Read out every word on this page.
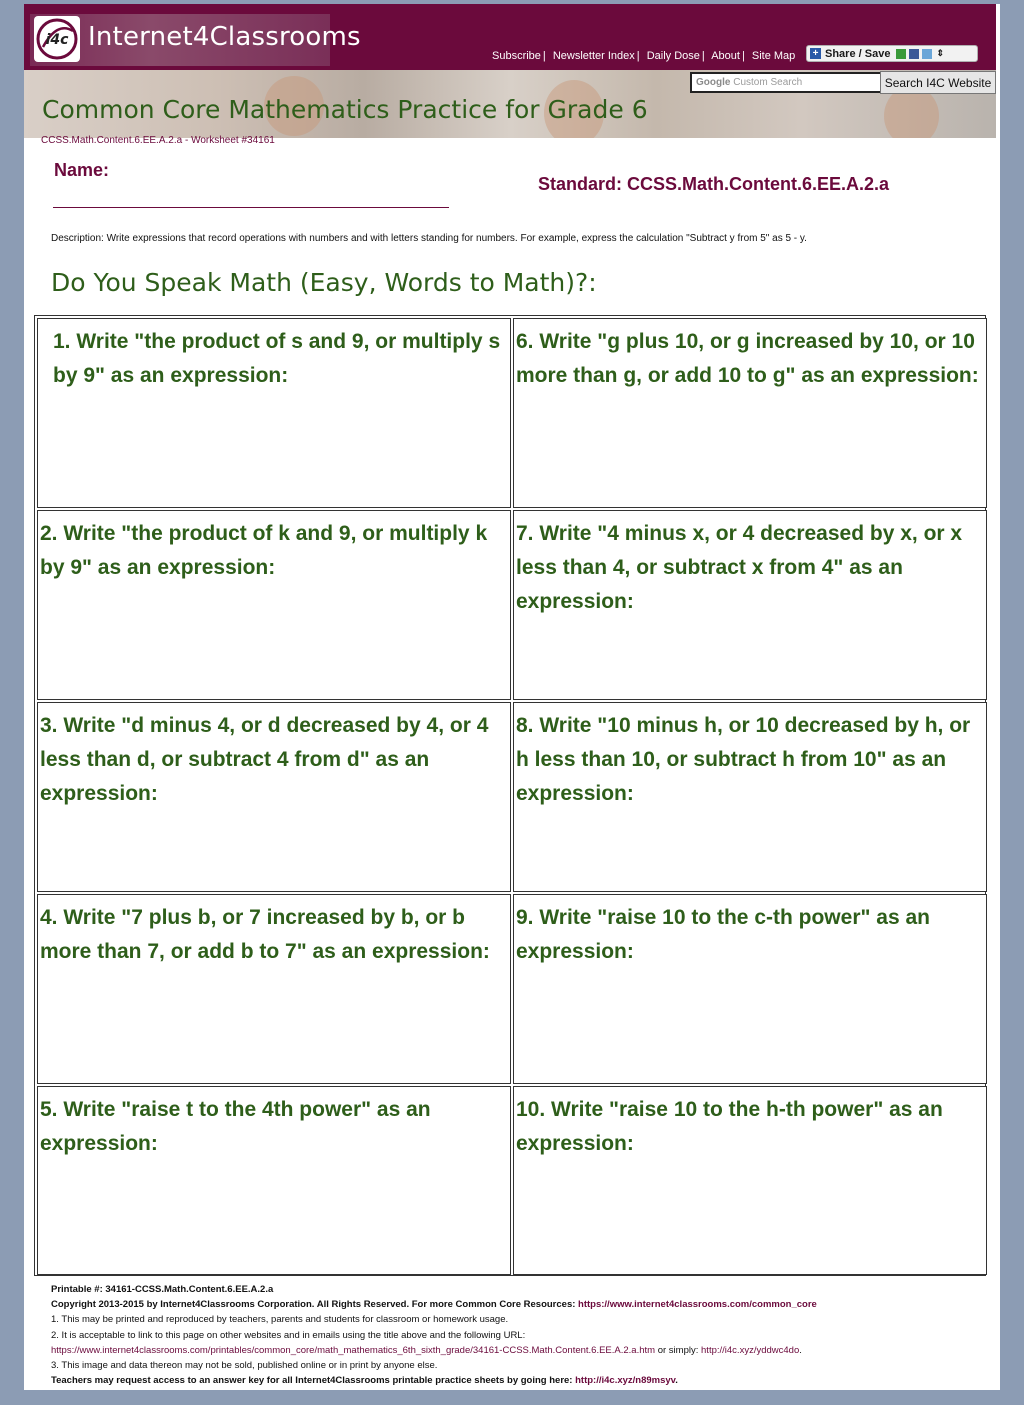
i4c Internet4Classrooms
Subscribe | Newsletter Index | Daily Dose | About | Site Map + Share / Save	⇕
Google Custom Search	Search I4C Website
Common Core Mathematics Practice for Grade 6
CCSS.Math.Content.6.EE.A.2.a - Worksheet #34161
Name:
Standard: CCSS.Math.Content.6.EE.A.2.a
Description: Write expressions that record operations with numbers and with letters standing for numbers. For example, express the calculation "Subtract y from 5" as 5 - y.
Do You Speak Math (Easy, Words to Math)?:
1. Write "the product of s and 9, or multiply s by 9" as an expression:
6. Write "g plus 10, or g increased by 10, or 10 more than g, or add 10 to g" as an expression:
2. Write "the product of k and 9, or multiply k by 9" as an expression:
7. Write "4 minus x, or 4 decreased by x, or x less than 4, or subtract x from 4" as an expression:
3. Write "d minus 4, or d decreased by 4, or 4 less than d, or subtract 4 from d" as an expression:
8. Write "10 minus h, or 10 decreased by h, or h less than 10, or subtract h from 10" as an expression:
4. Write "7 plus b, or 7 increased by b, or b more than 7, or add b to 7" as an expression:
9. Write "raise 10 to the c-th power" as an expression:
5. Write "raise t to the 4th power" as an expression:
10. Write "raise 10 to the h-th power" as an expression:
Printable #: 34161-CCSS.Math.Content.6.EE.A.2.a
Copyright 2013-2015 by Internet4Classrooms Corporation. All Rights Reserved. For more Common Core Resources: https://www.internet4classrooms.com/common_core
1. This may be printed and reproduced by teachers, parents and students for classroom or homework usage.
2. It is acceptable to link to this page on other websites and in emails using the title above and the following URL:
https://www.internet4classrooms.com/printables/common_core/math_mathematics_6th_sixth_grade/34161-CCSS.Math.Content.6.EE.A.2.a.htm or simply: http://i4c.xyz/yddwc4do.
3. This image and data thereon may not be sold, published online or in print by anyone else.
Teachers may request access to an answer key for all Internet4Classrooms printable practice sheets by going here: http://i4c.xyz/n89msyv.
